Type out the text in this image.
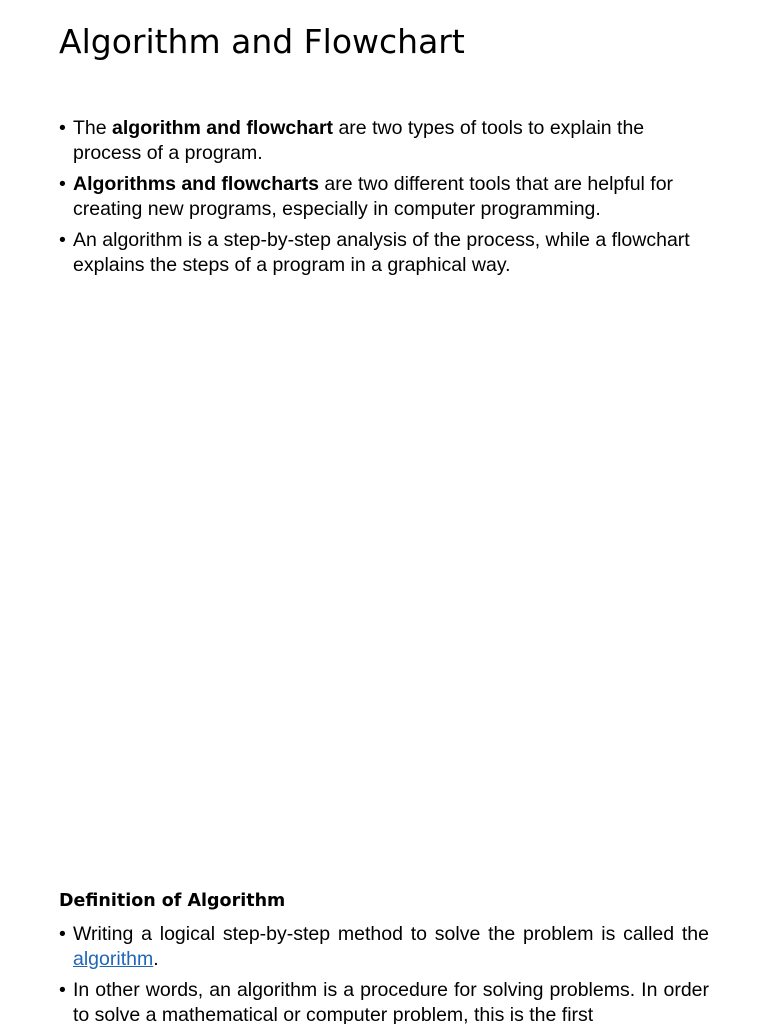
Algorithm and Flowchart
• The algorithm and flowchart are two types of tools to explain the process of a program.
• Algorithms and flowcharts are two different tools that are helpful for creating new programs, especially in computer programming.
• An algorithm is a step-by-step analysis of the process, while a flowchart explains the steps of a program in a graphical way.
Definition of Algorithm
• Writing a logical step-by-step method to solve the problem is called the algorithm.
• In other words, an algorithm is a procedure for solving problems. In order to solve a mathematical or computer problem, this is the first
